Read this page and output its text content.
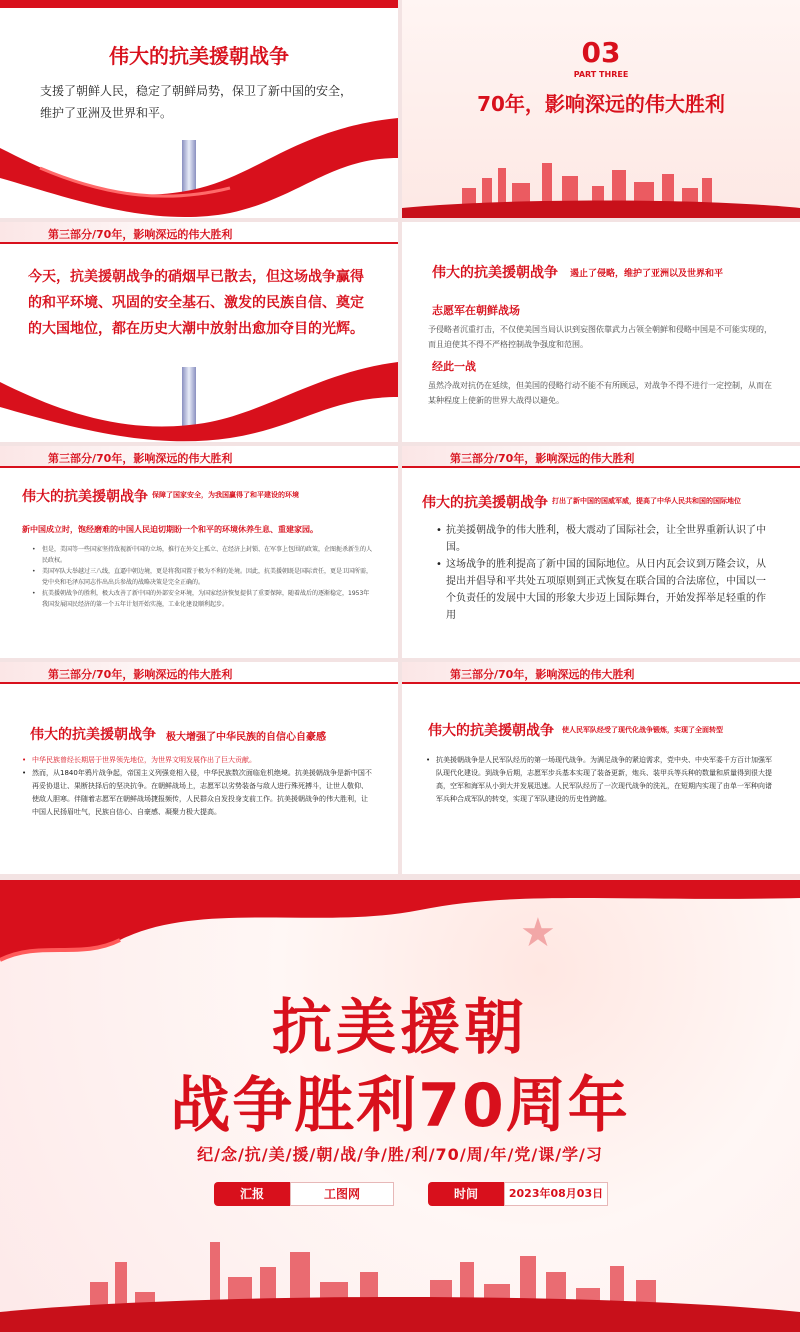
伟大的抗美援朝战争
支援了朝鲜人民，稳定了朝鲜局势，保卫了新中国的安全，维护了亚洲及世界和平。
03
PART THREE
70年，影响深远的伟大胜利
第三部分/70年，影响深远的伟大胜利
今天，抗美援朝战争的硝烟早已散去，但这场战争赢得的和平环境、巩固的安全基石、激发的民族自信、奠定的大国地位，都在历史大潮中放射出愈加夺目的光辉。
伟大的抗美援朝战争 遏止了侵略，维护了亚洲以及世界和平
志愿军在朝鲜战场
予侵略者沉重打击，不仅使美国当局认识到妄图依靠武力占领全朝鲜和侵略中国是不可能实现的，而且迫使其不得不严格控制战争强度和范围。
经此一战
虽然冷战对抗仍在延续，但美国的侵略行动不能不有所顾忌，对战争不得不进行一定控制，从而在某种程度上使新的世界大战得以避免。
第三部分/70年，影响深远的伟大胜利
伟大的抗美援朝战争 保障了国家安全，为我国赢得了和平建设的环境
新中国成立时，饱经磨难的中国人民迫切期盼一个和平的环境休养生息、重建家园。
• 但是，美国等一些国家坚持敌视新中国的立场，推行在外交上孤立、在经济上封锁、在军事上包围的政策，企图扼杀新生的人民政权。
• 美国军队大举越过三八线，直逼中朝边境，更是将我国置于极为不利的处境。因此，抗美援朝既是国际责任，更是卫国所需，党中央和毛泽东同志作出出兵参战的战略决策是完全正确的。
• 抗美援朝战争的胜利，极大改善了新中国的外部安全环境，为国家经济恢复提供了重要保障，随着战后的逐渐稳定，1953年我国发展国民经济的第一个五年计划开始实施，工业化建设顺利起步。
第三部分/70年，影响深远的伟大胜利
伟大的抗美援朝战争 打出了新中国的国威军威，提高了中华人民共和国的国际地位
• 抗美援朝战争的伟大胜利，极大震动了国际社会，让全世界重新认识了中国。
• 这场战争的胜利提高了新中国的国际地位。从日内瓦会议到万隆会议，从提出并倡导和平共处五项原则到正式恢复在联合国的合法席位，中国以一个负责任的发展中大国的形象大步迈上国际舞台，开始发挥举足轻重的作用
第三部分/70年，影响深远的伟大胜利
伟大的抗美援朝战争 极大增强了中华民族的自信心自豪感
• 中华民族曾经长期居于世界领先地位，为世界文明发展作出了巨大贡献。
• 然而，从1840年鸦片战争起，帝国主义列强竞相入侵，中华民族数次面临危机绝境。抗美援朝战争是新中国不再妥协退让、果断抉择后的坚决抗争。在朝鲜战场上，志愿军以劣势装备与敌人进行殊死搏斗，让世人敬仰、使敌人胆寒。伴随着志愿军在朝鲜战场捷报频传，人民群众自发投身支前工作。抗美援朝战争的伟大胜利，让中国人民扬眉吐气，民族自信心、自豪感、凝聚力极大提高。
第三部分/70年，影响深远的伟大胜利
伟大的抗美援朝战争 使人民军队经受了现代化战争锻炼，实现了全面转型
• 抗美援朝战争是人民军队经历的第一场现代战争。为满足战争的紧迫需求，党中央、中央军委千方百计加强军队现代化建设。到战争后期，志愿军步兵基本实现了装备更新，炮兵、装甲兵等兵种的数量和质量得到很大提高，空军和海军从小到大并发展迅速。人民军队经历了一次现代战争的洗礼，在短期内实现了由单一军种向诸军兵种合成军队的转变，实现了军队建设的历史性跨越。
★
抗美援朝
战争胜利70周年
纪/念/抗/美/援/朝/战/争/胜/利/70/周/年/党/课/学/习
汇报	工图网	时间	2023年08月03日
